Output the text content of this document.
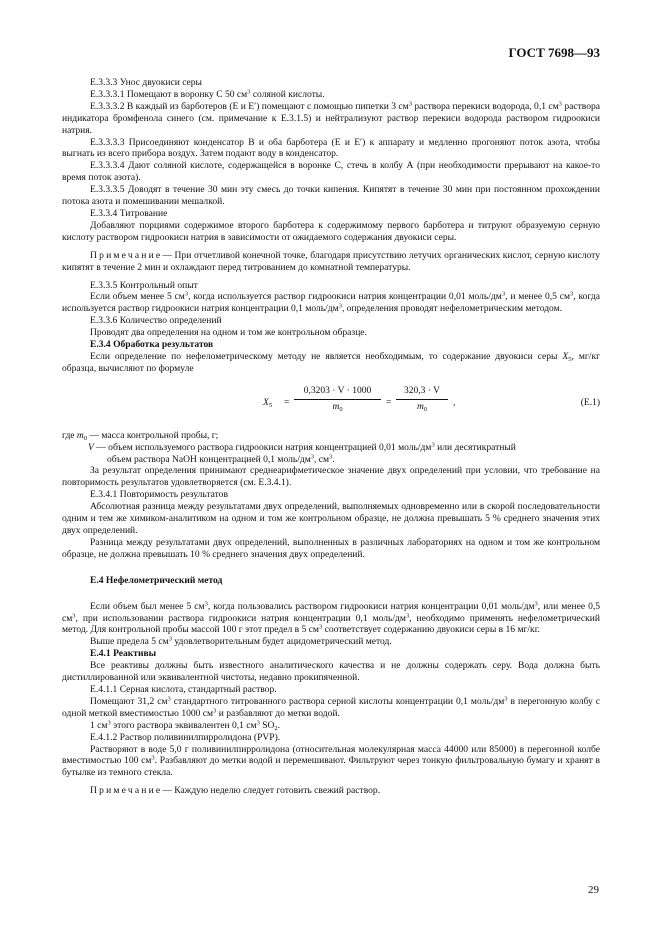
ГОСТ 7698—93

Е.3.3.3 Унос двуокиси серы

Е.3.3.3.1 Помещают в воронку С 50 $см^3$ соляной кислоты.

Е.3.3.3.2 В каждый из барботеров (Е и Е′) помещают с помощью пипетки 3 $см^3$ раствора перекиси водорода, 0,1 $см^3$ раствора индикатора бромфенола синего (см. примечание к Е.3.1.5) и нейтрализуют раствор перекиси водорода раствором гидроокиси натрия.

Е.3.3.3.3 Присоединяют конденсатор В и оба барботера (Е и Е′) к аппарату и медленно прогоняют поток азота, чтобы выгнать из всего прибора воздух. Затем подают воду в конденсатор.

Е.3.3.3.4 Дают соляной кислоте, содержащейся в воронке С, стечь в колбу А (при необходимости прерывают на какое-то время поток азота).

Е.3.3.3.5 Доводят в течение 30 мин эту смесь до точки кипения. Кипятят в течение 30 мин при постоянном прохождении потока азота и помешивании мешалкой.

Е.3.3.4 Титрование

Добавляют порциями содержимое второго барботера к содержимому первого барботера и титруют образуемую серную кислоту раствором гидроокиси натрия в зависимости от ожидаемого содержания двуокиси серы.

Примечание— При отчетливой конечной точке, благодаря присутствию летучих органических кислот, серную кислоту кипятят в течение 2 мин и охлаждают перед титрованием до комнатной температуры.

Е.3.3.5 Контрольный опыт

Если объем менее 5 $см^3$, когда используется раствор гидроокиси натрия концентрации 0,01 моль/$дм^3$, и менее 0,5 $см^3$, когда используется раствор гидроокиси натрия концентрации 0,1 моль/$дм^3$, определения проводят нефелометрическим методом.

Е.3.3.6 Количество определений

Проводят два определения на одном и том же контрольном образце.

Е.3.4 Обработка результатов

Если определение по нефелометрическому методу не является необходимым, то содержание двуокиси серы $X_5$, мг/кг образца, вычисляют по формуле

$X_5 = \frac{0,3203 \cdot V \cdot 1000}{m_0} = \frac{320,3 \cdot V}{m_0}$ ,	(Е.1)
где $m_0$ — масса контрольной пробы, г;
V — объем используемого раствора гидроокиси натрия концентрацией 0,01 моль/$дм^3$ или десятикратный
объем раствора NaOH концентрацией 0,1 моль/$дм^3$, $см^3$.

За результат определения принимают среднеарифметическое значение двух определений при условии, что требование на повторимость результатов удовлетворяется (см. Е.3.4.1).

Е.3.4.1 Повторимость результатов

Абсолютная разница между результатами двух определений, выполняемых одновременно или в скорой последовательности одним и тем же химиком-аналитиком на одном и том же контрольном образце, не должна превышать 5 % среднего значения этих двух определений.

Разница между результатами двух определений, выполненных в различных лабораториях на одном и том же контрольном образце, не должна превышать 10 % среднего значения двух определений.

Е.4 Нефелометрический метод

Если объем был менее 5 $см^3$, когда пользовались раствором гидроокиси натрия концентрации 0,01 моль/$дм^3$, или менее 0,5 $см^3$, при использовании раствора гидроокиси натрия концентрации 0,1 моль/$дм^3$, необходимо применять нефелометрический метод. Для контрольной пробы массой 100 г этот предел в 5 $см^3$ соответствует содержанию двуокиси серы в 16 мг/кг.

Выше предела 5 $см^3$ удовлетворительным будет ацидометрический метод.

Е.4.1 Реактивы

Все реактивы должны быть известного аналитического качества и не должны содержать серу. Вода должна быть дистиллированной или эквивалентной чистоты, недавно прокипяченной.

Е.4.1.1 Серная кислота, стандартный раствор.

Помещают 31,2 $см^3$ стандартного титрованного раствора серной кислоты концентрации 0,1 моль/$дм^3$ в перегонную колбу с одной меткой вместимостью 1000 $см^3$ и разбавляют до метки водой.

1 $см^3$ этого раствора эквивалентен 0,1 $см^3$ $SO_2$.

Е.4.1.2 Раствор поливинилпирролидона (PVP).

Растворяют в воде 5,0 г поливинилпирролидона (относительная молекулярная масса 44000 или 85000) в перегонной колбе вместимостью 100 $см^3$. Разбавляют до метки водой и перемешивают. Фильтруют через тонкую фильтровальную бумагу и хранят в бутылке из темного стекла.

Примечание— Каждую неделю следует готовить свежий раствор.

29
